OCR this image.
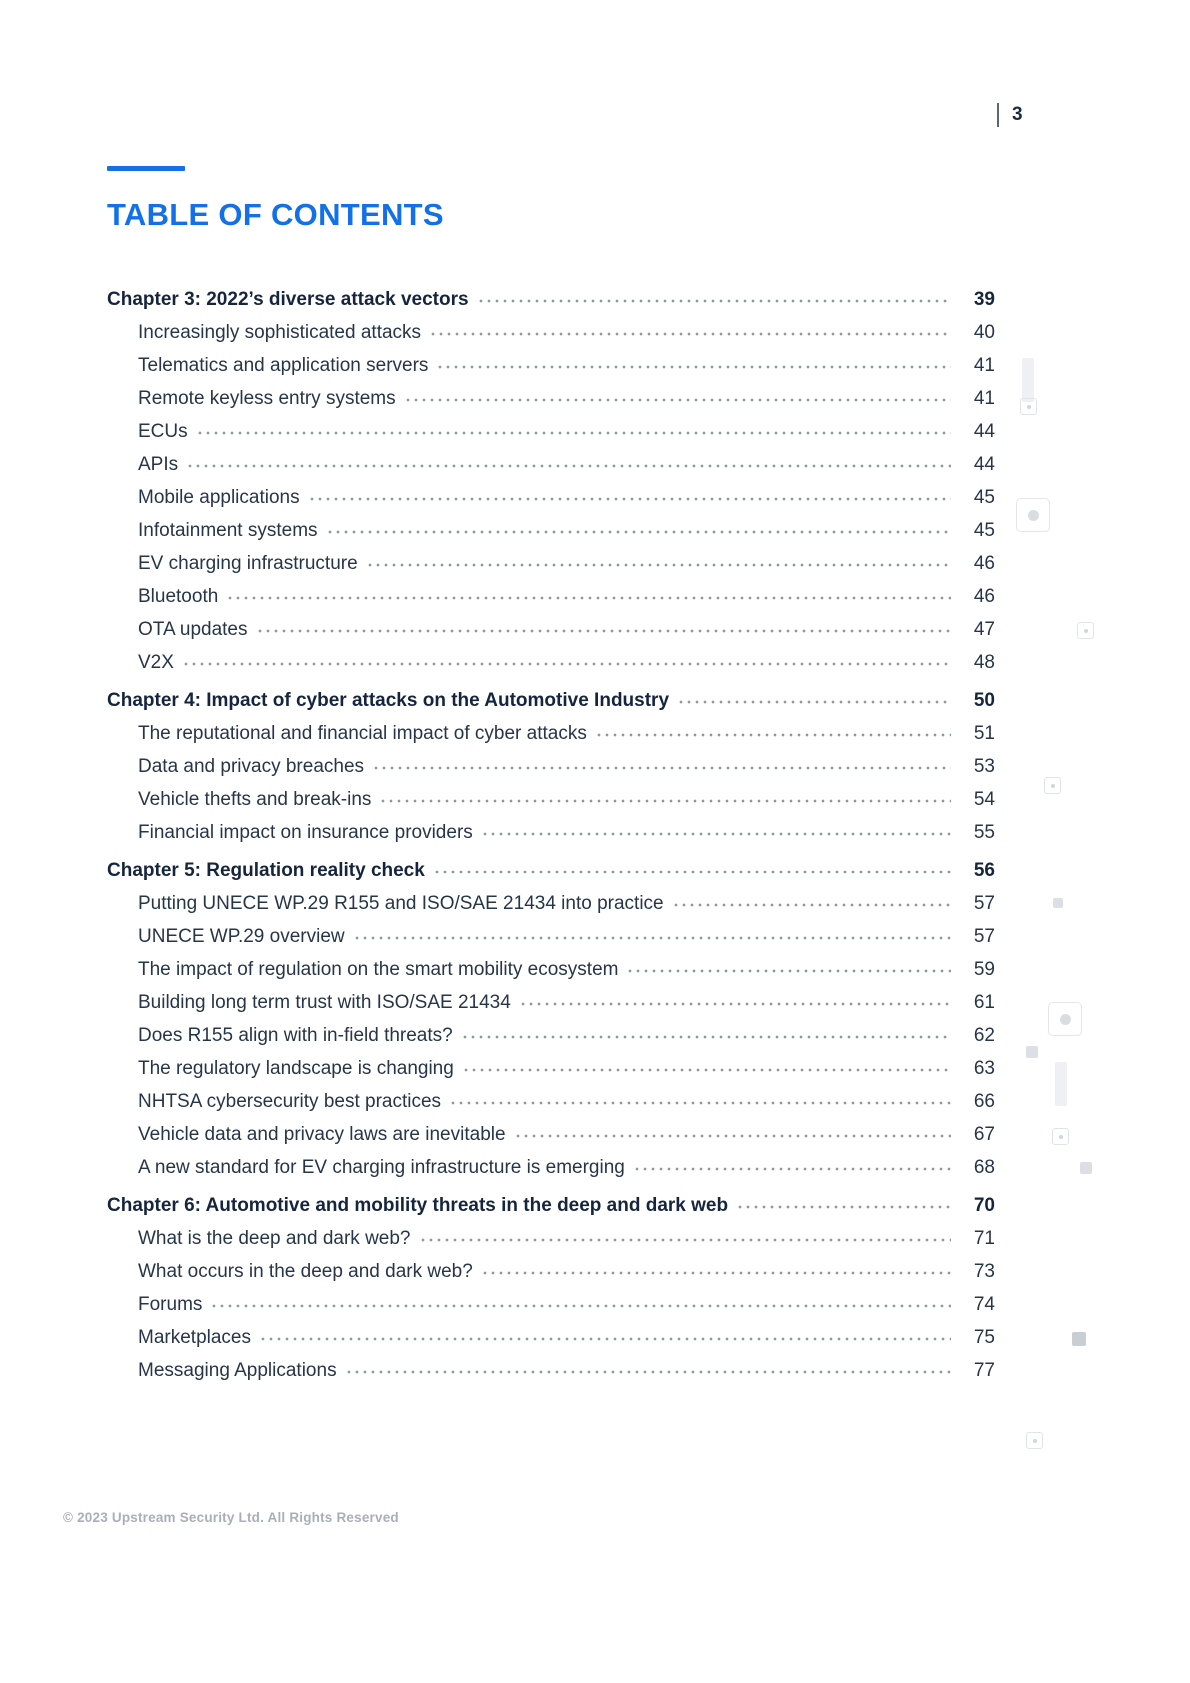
3
TABLE OF CONTENTS
Chapter 3: 2022’s diverse attack vectors	39
Increasingly sophisticated attacks	40
Telematics and application servers	41
Remote keyless entry systems	41
ECUs	44
APIs	44
Mobile applications	45
Infotainment systems	45
EV charging infrastructure	46
Bluetooth	46
OTA updates	47
V2X	48
Chapter 4: Impact of cyber attacks on the Automotive Industry	50
The reputational and financial impact of cyber attacks	51
Data and privacy breaches	53
Vehicle thefts and break-ins	54
Financial impact on insurance providers	55
Chapter 5: Regulation reality check	56
Putting UNECE WP.29 R155 and ISO/SAE 21434 into practice	57
UNECE WP.29 overview	57
The impact of regulation on the smart mobility ecosystem	59
Building long term trust with ISO/SAE 21434	61
Does R155 align with in-field threats?	62
The regulatory landscape is changing	63
NHTSA cybersecurity best practices	66
Vehicle data and privacy laws are inevitable	67
A new standard for EV charging infrastructure is emerging	68
Chapter 6: Automotive and mobility threats in the deep and dark web	70
What is the deep and dark web?	71
What occurs in the deep and dark web?	73
Forums	74
Marketplaces	75
Messaging Applications	77
© 2023 Upstream Security Ltd. All Rights Reserved
